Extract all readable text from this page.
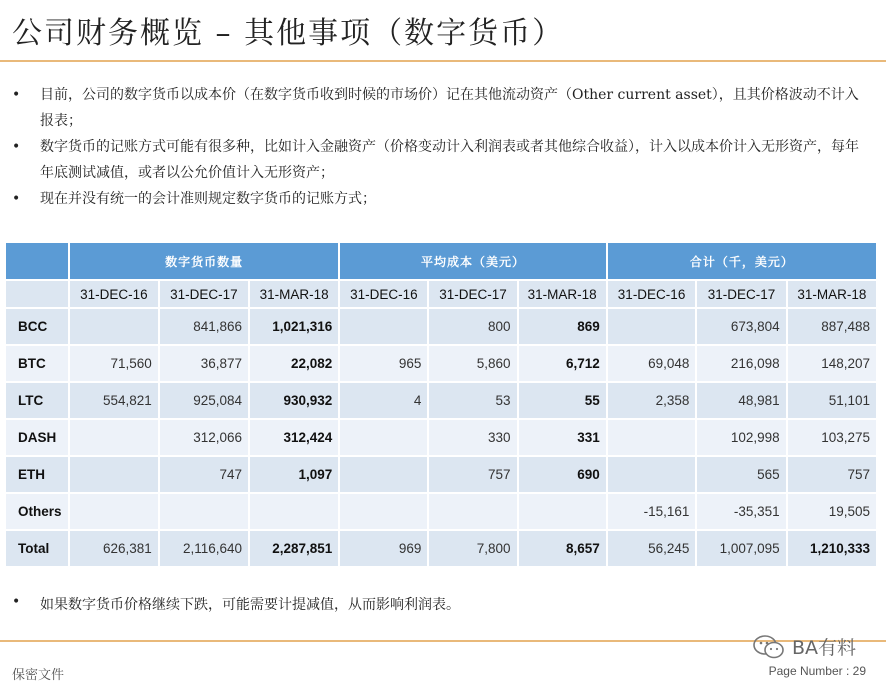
公司财务概览 – 其他事项（数字货币）
• 目前，公司的数字货币以成本价（在数字货币收到时候的市场价）记在其他流动资产（Other current asset），且其价格波动不计入报表；
• 数字货币的记账方式可能有很多种，比如计入金融资产（价格变动计入利润表或者其他综合收益），计入以成本价计入无形资产，每年年底测试减值，或者以公允价值计入无形资产；
• 现在并没有统一的会计准则规定数字货币的记账方式；
	数字货币数量			平均成本（美元）			合计（千，美元）		
	31-DEC-16	31-DEC-17	31-MAR-18	31-DEC-16	31-DEC-17	31-MAR-18	31-DEC-16	31-DEC-17	31-MAR-18
BCC		841,866	1,021,316		800	869		673,804	887,488
BTC	71,560	36,877	22,082	965	5,860	6,712	69,048	216,098	148,207
LTC	554,821	925,084	930,932	4	53	55	2,358	48,981	51,101
DASH		312,066	312,424		330	331		102,998	103,275
ETH		747	1,097		757	690		565	757
Others							-15,161	-35,351	19,505
Total	626,381	2,116,640	2,287,851	969	7,800	8,657	56,245	1,007,095	1,210,333
• 如果数字货币价格继续下跌，可能需要计提减值，从而影响利润表。
BA有料
保密文件	Page Number : 29
